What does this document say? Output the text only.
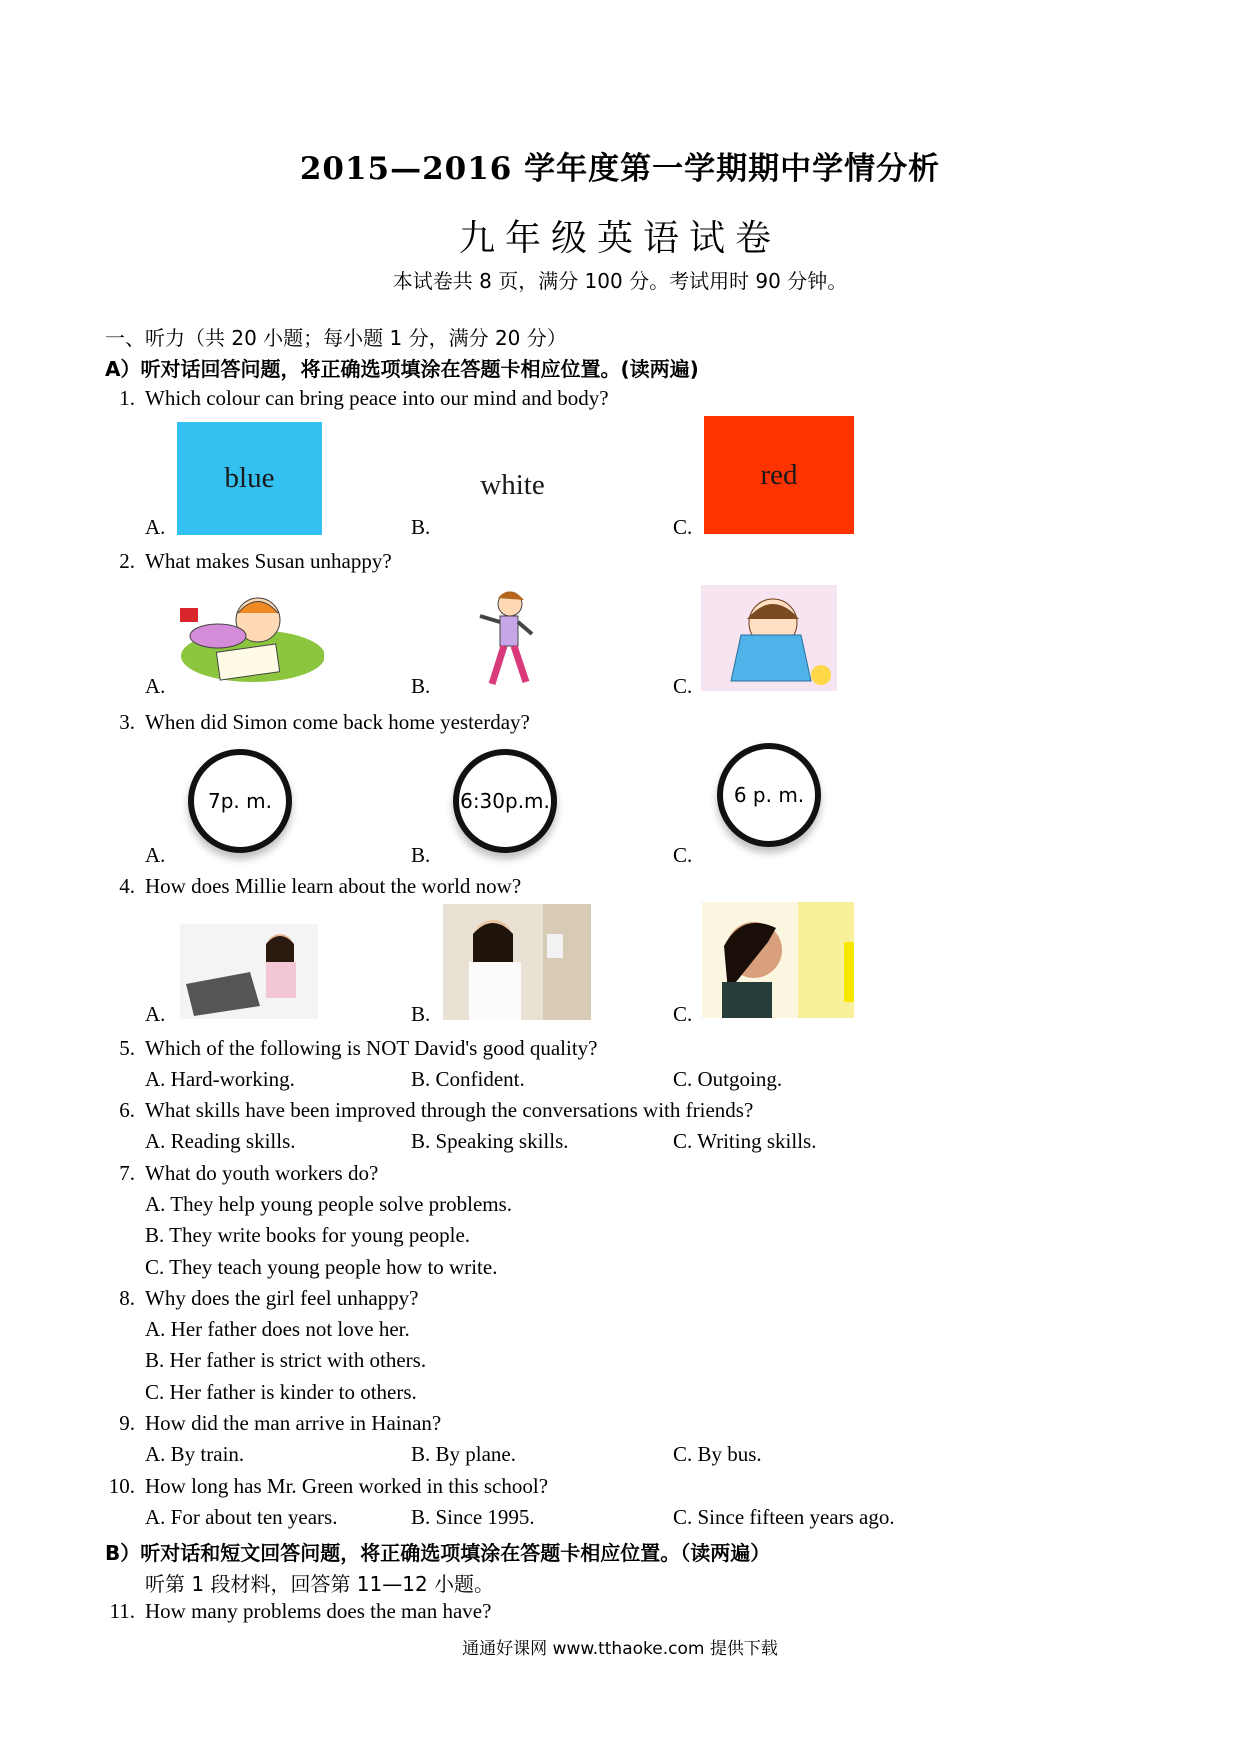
2015—2016 学年度第一学期期中学情分析
九年级英语试卷
本试卷共 8 页，满分 100 分。考试用时 90 分钟。
一、听力（共 20 小题；每小题 1 分，满分 20 分）
A）听对话回答问题，将正确选项填涂在答题卡相应位置。(读两遍)
1. Which colour can bring peace into our mind and body?
blue	white	red
A.	B.	C.
2. What makes Susan unhappy?
A.	B.	C.
3. When did Simon come back home yesterday?
7p. m.	6:30p.m.	6 p. m.
A.	B.	C.
4. How does Millie learn about the world now?
A.	B.	C.
5. Which of the following is NOT David's good quality?
A. Hard-working.	B. Confident.	C. Outgoing.
6. What skills have been improved through the conversations with friends?
A. Reading skills.	B. Speaking skills.	C. Writing skills.
7. What do youth workers do?
A. They help young people solve problems.
B. They write books for young people.
C. They teach young people how to write.
8. Why does the girl feel unhappy?
A. Her father does not love her.
B. Her father is strict with others.
C. Her father is kinder to others.
9. How did the man arrive in Hainan?
A. By train.	B. By plane.	C. By bus.
10. How long has Mr. Green worked in this school?
A. For about ten years.	B. Since 1995.	C. Since fifteen years ago.
B）听对话和短文回答问题，将正确选项填涂在答题卡相应位置。（读两遍）
听第 1 段材料，回答第 11—12 小题。
11. How many problems does the man have?
通通好课网 www.tthaoke.com 提供下载
